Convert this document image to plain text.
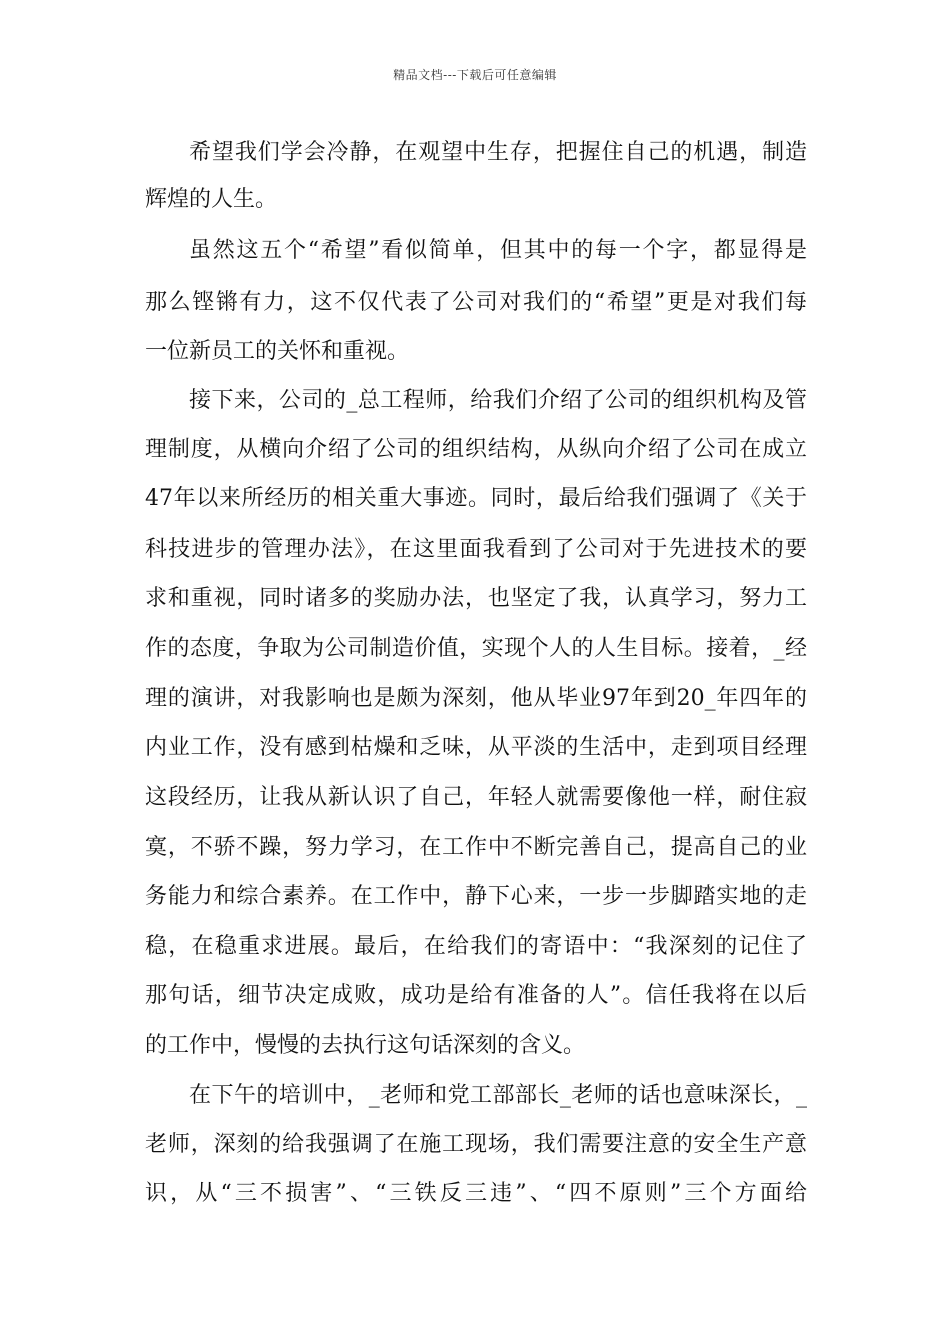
精品文档---下载后可任意编辑
希望我们学会冷静，在观望中生存，把握住自己的机遇，制造
辉煌的人生。
虽然这五个“希望”看似简单，但其中的每一个字，都显得是
那么铿锵有力，这不仅代表了公司对我们的“希望”更是对我们每
一位新员工的关怀和重视。
接下来，公司的_总工程师，给我们介绍了公司的组织机构及管
理制度，从横向介绍了公司的组织结构，从纵向介绍了公司在成立
47年以来所经历的相关重大事迹。同时，最后给我们强调了《关于
科技进步的管理办法》，在这里面我看到了公司对于先进技术的要
求和重视，同时诸多的奖励办法，也坚定了我，认真学习，努力工
作的态度，争取为公司制造价值，实现个人的人生目标。接着，_经
理的演讲，对我影响也是颇为深刻，他从毕业97年到20_年四年的
内业工作，没有感到枯燥和乏味，从平淡的生活中，走到项目经理
这段经历，让我从新认识了自己，年轻人就需要像他一样，耐住寂
寞，不骄不躁，努力学习，在工作中不断完善自己，提高自己的业
务能力和综合素养。在工作中，静下心来，一步一步脚踏实地的走
稳，在稳重求进展。最后，在给我们的寄语中：“我深刻的记住了
那句话，细节决定成败，成功是给有准备的人”。信任我将在以后
的工作中，慢慢的去执行这句话深刻的含义。
在下午的培训中，_老师和党工部部长_老师的话也意味深长，_
老师，深刻的给我强调了在施工现场，我们需要注意的安全生产意
识，从“三不损害”、“三铁反三违”、“四不原则”三个方面给
